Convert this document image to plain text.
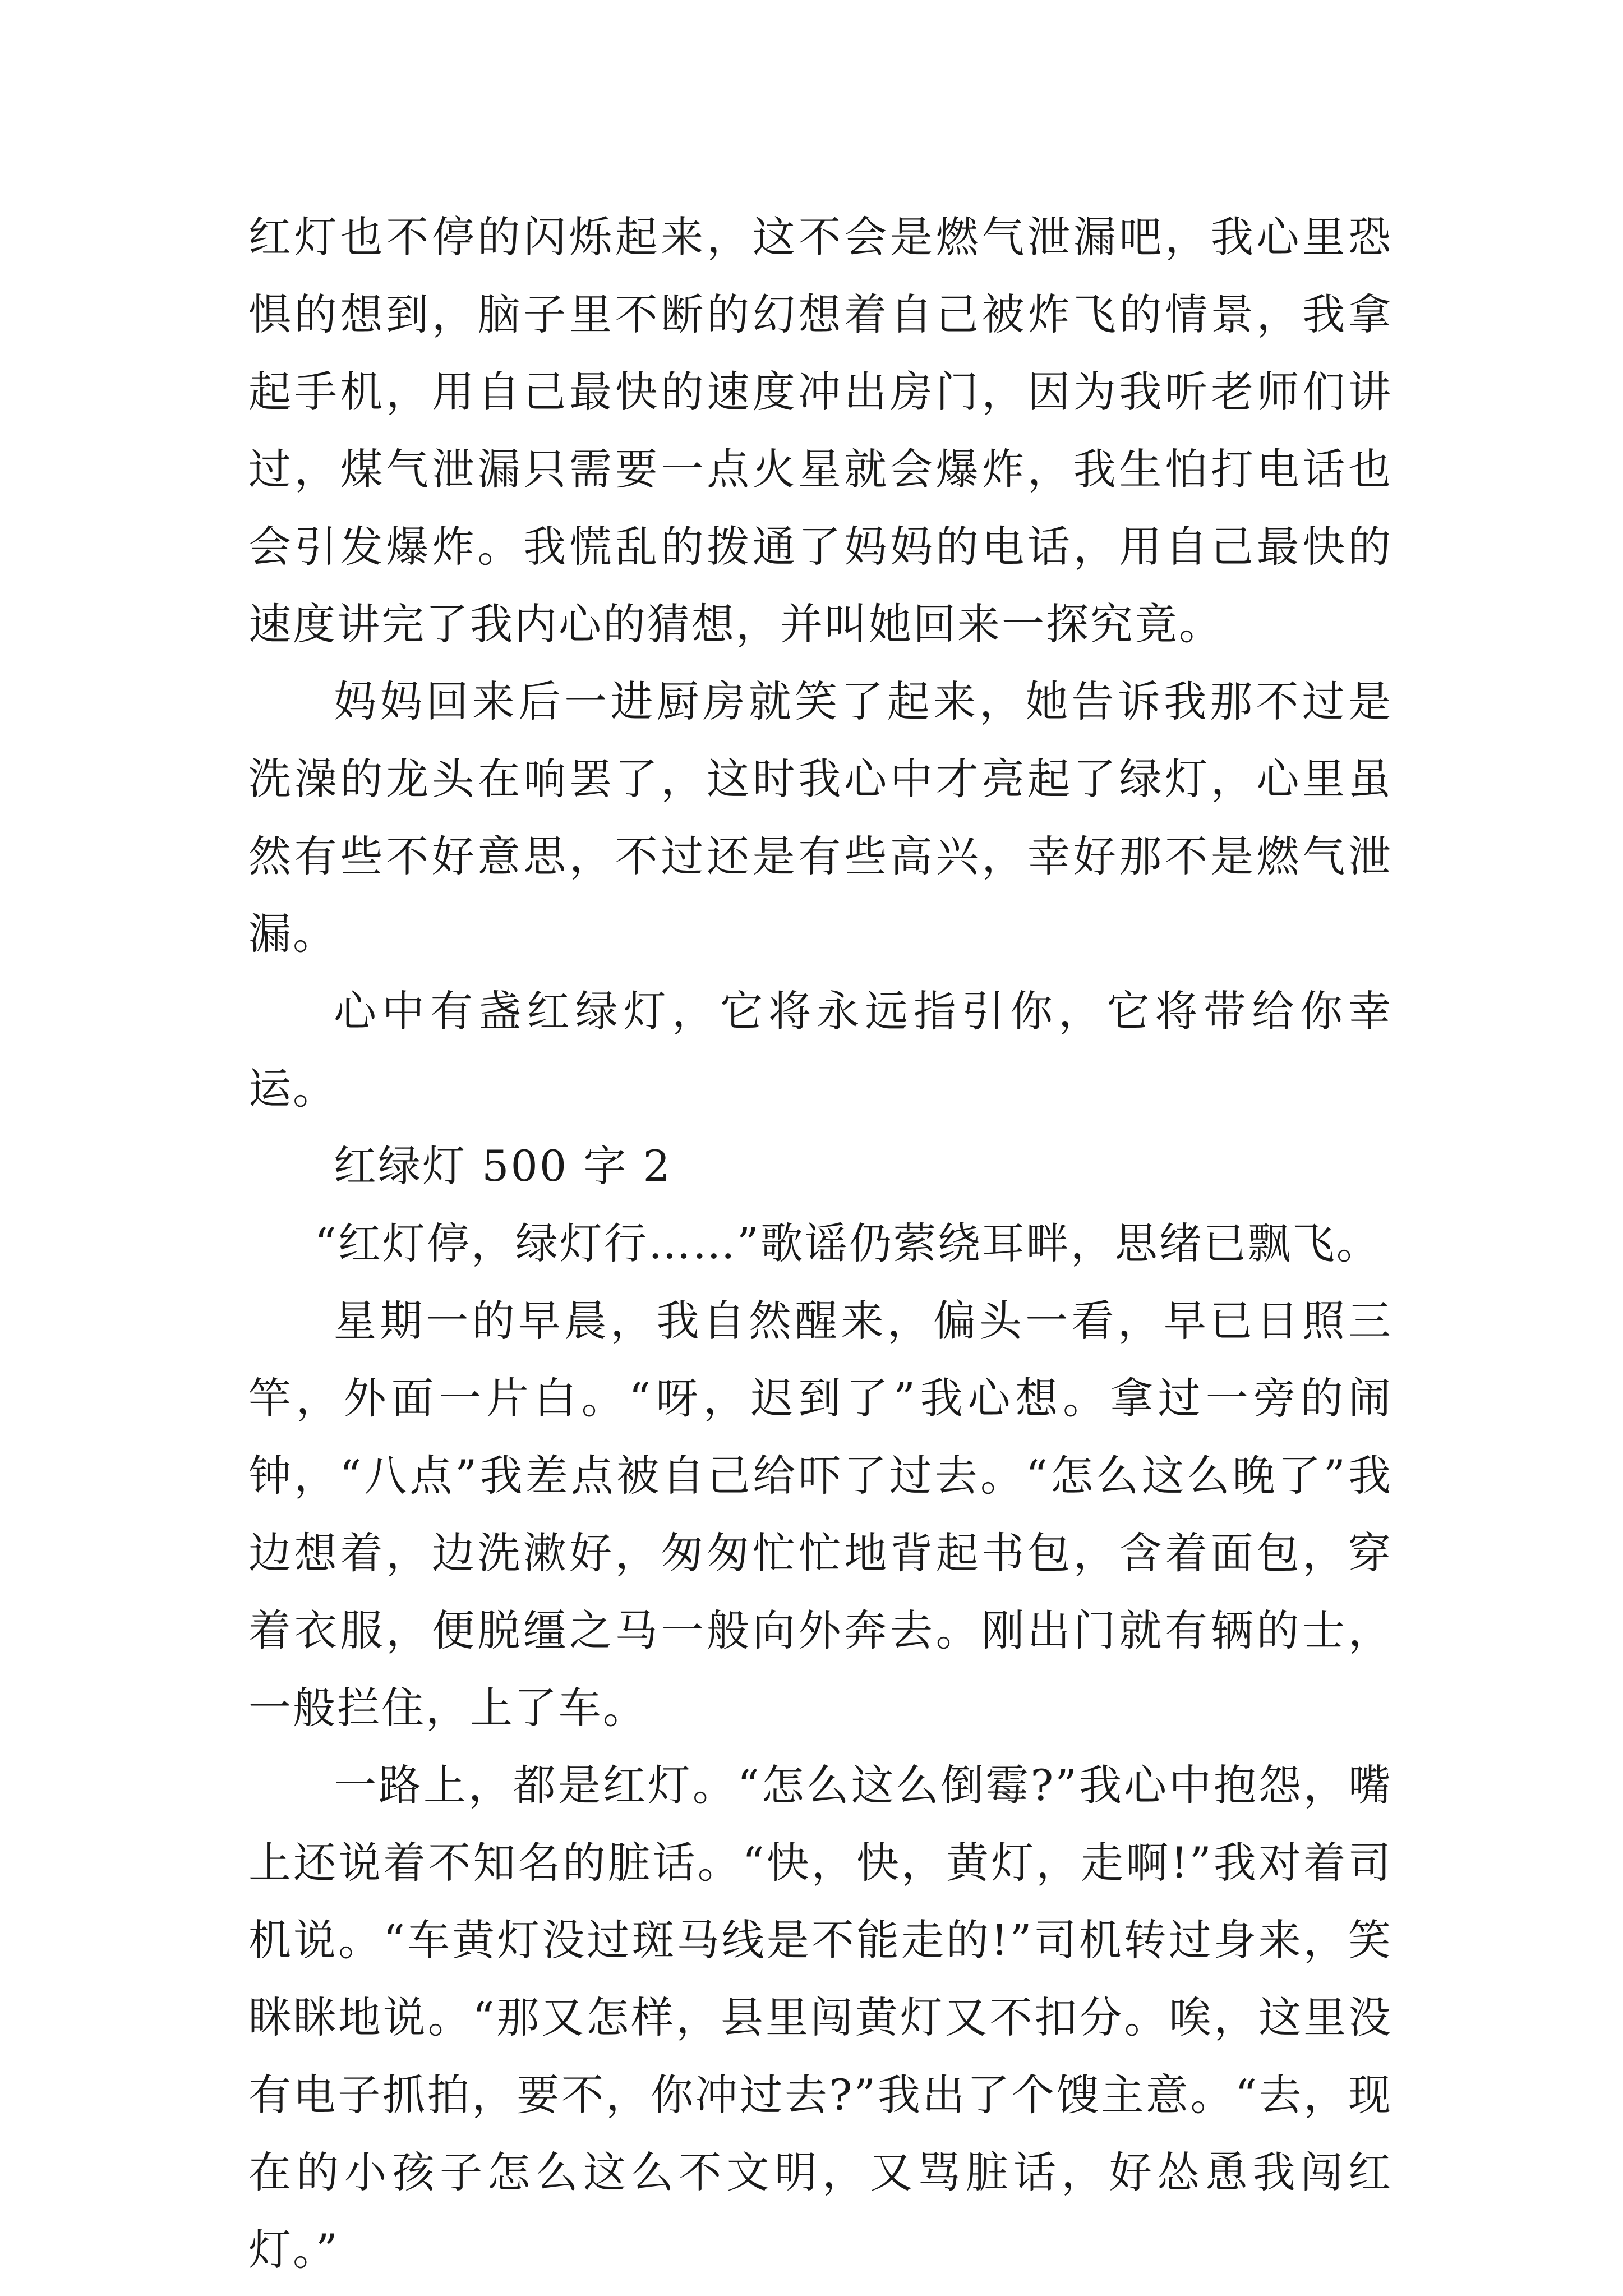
红灯也不停的闪烁起来，这不会是燃气泄漏吧，我心里恐惧的想到，脑子里不断的幻想着自己被炸飞的情景，我拿起手机，用自己最快的速度冲出房门，因为我听老师们讲过，煤气泄漏只需要一点火星就会爆炸，我生怕打电话也会引发爆炸。我慌乱的拨通了妈妈的电话，用自己最快的速度讲完了我内心的猜想，并叫她回来一探究竟。

妈妈回来后一进厨房就笑了起来，她告诉我那不过是洗澡的龙头在响罢了，这时我心中才亮起了绿灯，心里虽然有些不好意思，不过还是有些高兴，幸好那不是燃气泄漏。

心中有盏红绿灯，它将永远指引你，它将带给你幸运。

红绿灯 500 字 2

“红灯停，绿灯行……”歌谣仍萦绕耳畔，思绪已飘飞。

星期一的早晨，我自然醒来，偏头一看，早已日照三竿，外面一片白。“呀，迟到了”我心想。拿过一旁的闹钟，“八点”我差点被自己给吓了过去。“怎么这么晚了”我边想着，边洗漱好，匆匆忙忙地背起书包，含着面包，穿着衣服，便脱缰之马一般向外奔去。刚出门就有辆的士，一般拦住，上了车。

一路上，都是红灯。“怎么这么倒霉?”我心中抱怨，嘴上还说着不知名的脏话。“快，快，黄灯，走啊!”我对着司机说。“车黄灯没过斑马线是不能走的!”司机转过身来，笑眯眯地说。“那又怎样，县里闯黄灯又不扣分。唉，这里没有电子抓拍，要不，你冲过去?”我出了个馊主意。“去，现在的小孩子怎么这么不文明，又骂脏话，好怂恿我闯红灯。”
